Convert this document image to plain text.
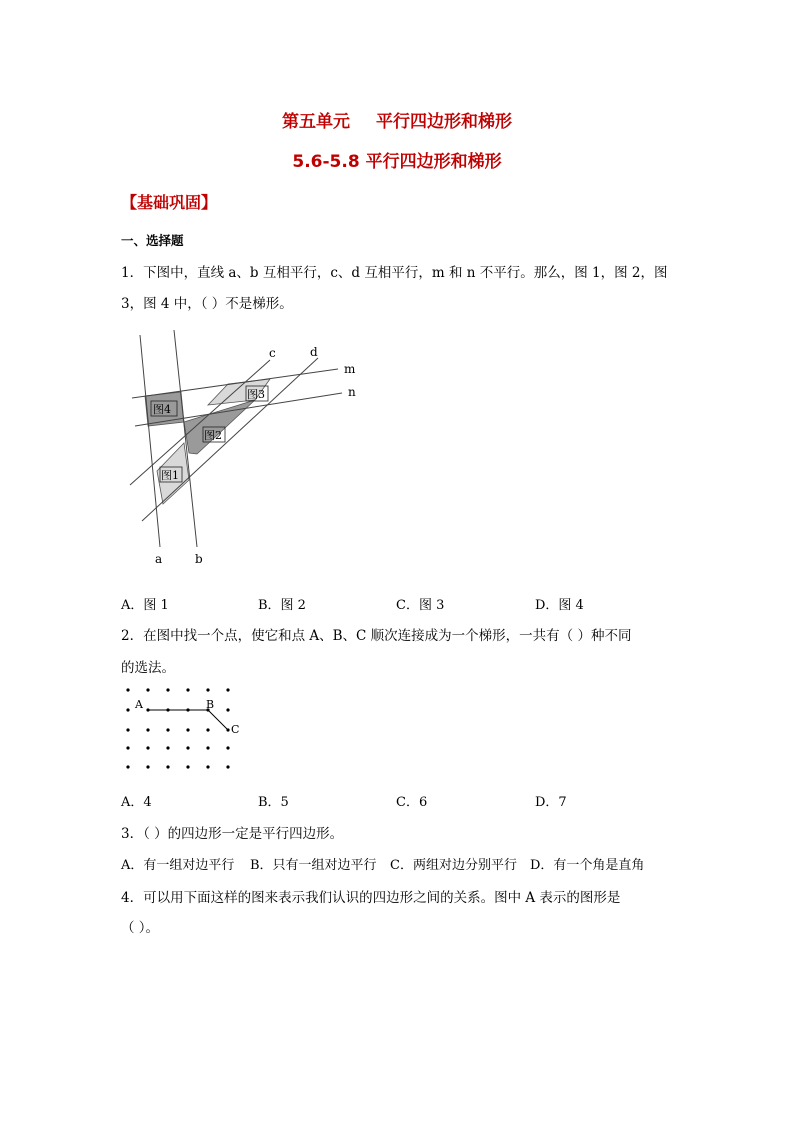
第五单元 平行四边形和梯形
5.6-5.8 平行四边形和梯形
【基础巩固】
一、选择题
1．下图中，直线 a、b 互相平行，c、d 互相平行，m 和 n 不平行。那么，图 1，图 2，图
3，图 4 中，（ ）不是梯形。
图4
图3
图2
图1
c	d
m
n
a	b
A．图 1	B．图 2	C．图 3	D．图 4
2．在图中找一个点，使它和点 A、B、C 顺次连接成为一个梯形，一共有（ ）种不同
的选法。
A	B
C
A．4	B．5	C．6	D．7
3．（ ）的四边形一定是平行四边形。
A．有一组对边平行 B．只有一组对边平行 C．两组对边分别平行 D．有一个角是直角
4．可以用下面这样的图来表示我们认识的四边形之间的关系。图中 A 表示的图形是
（ ）。
